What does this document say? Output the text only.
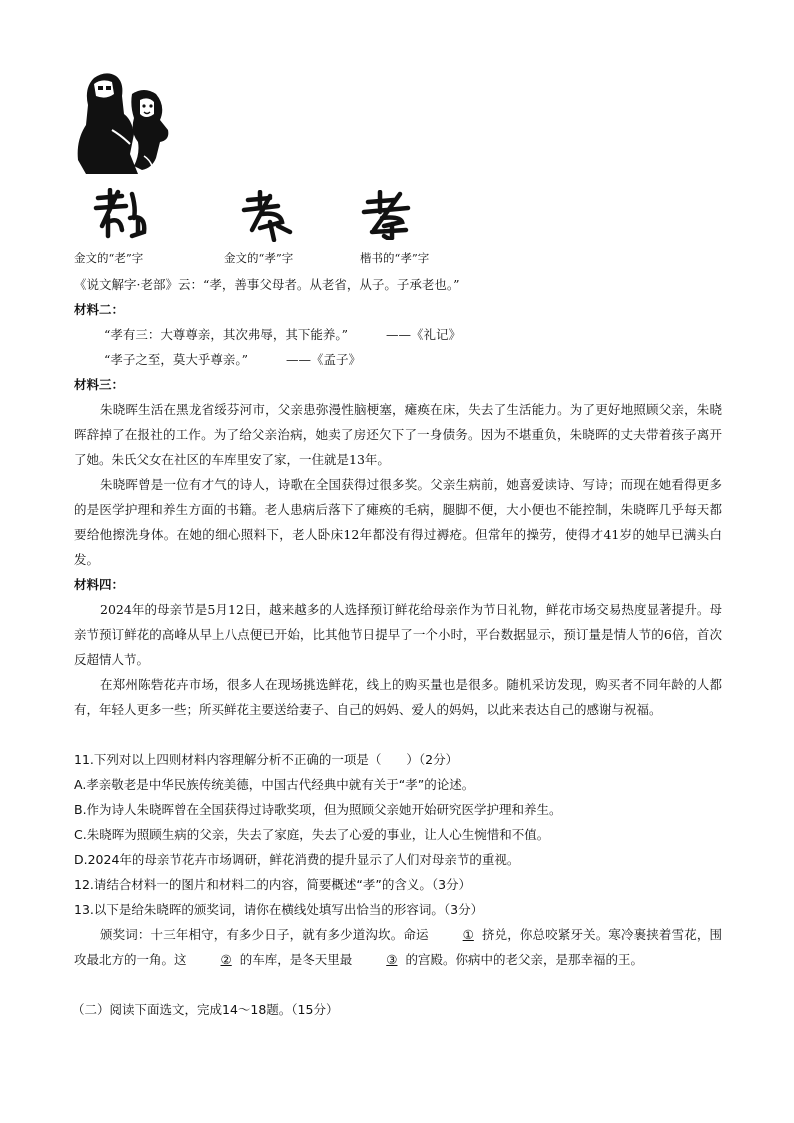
金文的“老”字	金文的“孝”字	楷书的“孝”字

《说文解字·老部》云：“孝，善事父母者。从老省，从子。子承老也。”

材料二：

“孝有三：大尊尊亲，其次弗辱，其下能养。”	——《礼记》

“孝子之至，莫大乎尊亲。”	——《孟子》

材料三：

朱晓晖生活在黑龙省绥芬河市，父亲患弥漫性脑梗塞，瘫痪在床，失去了生活能力。为了更好地照顾父亲，朱晓晖辞掉了在报社的工作。为了给父亲治病，她卖了房还欠下了一身债务。因为不堪重负，朱晓晖的丈夫带着孩子离开了她。朱氏父女在社区的车库里安了家，一住就是13年。

朱晓晖曾是一位有才气的诗人，诗歌在全国获得过很多奖。父亲生病前，她喜爱读诗、写诗；而现在她看得更多的是医学护理和养生方面的书籍。老人患病后落下了瘫痪的毛病，腿脚不便，大小便也不能控制，朱晓晖几乎每天都要给他擦洗身体。在她的细心照料下，老人卧床12年都没有得过褥疮。但常年的操劳，使得才41岁的她早已满头白发。

材料四：

2024年的母亲节是5月12日，越来越多的人选择预订鲜花给母亲作为节日礼物，鲜花市场交易热度显著提升。母亲节预订鲜花的高峰从早上八点便已开始，比其他节日提早了一个小时，平台数据显示，预订量是情人节的6倍，首次反超情人节。

在郑州陈砦花卉市场，很多人在现场挑选鲜花，线上的购买量也是很多。随机采访发现，购买者不同年龄的人都有，年轻人更多一些；所买鲜花主要送给妻子、自己的妈妈、爱人的妈妈，以此来表达自己的感谢与祝福。

11.下列对以上四则材料内容理解分析不正确的一项是（　　）（2分）

A.孝亲敬老是中华民族传统美德，中国古代经典中就有关于“孝”的论述。

B.作为诗人朱晓晖曾在全国获得过诗歌奖项，但为照顾父亲她开始研究医学护理和养生。

C.朱晓晖为照顾生病的父亲，失去了家庭，失去了心爱的事业，让人心生惋惜和不值。

D.2024年的母亲节花卉市场调研，鲜花消费的提升显示了人们对母亲节的重视。

12.请结合材料一的图片和材料二的内容，简要概述“孝”的含义。（3分）

13.以下是给朱晓晖的颁奖词，请你在横线处填写出恰当的形容词。（3分）

颁奖词：十三年相守，有多少日子，就有多少道沟坎。命运	① 挤兑，你总咬紧牙关。寒冷裹挟着雪花，围攻最北方的一角。这	② 的车库，是冬天里最	③ 的宫殿。你病中的老父亲，是那幸福的王。

（二）阅读下面选文，完成14～18题。（15分）
